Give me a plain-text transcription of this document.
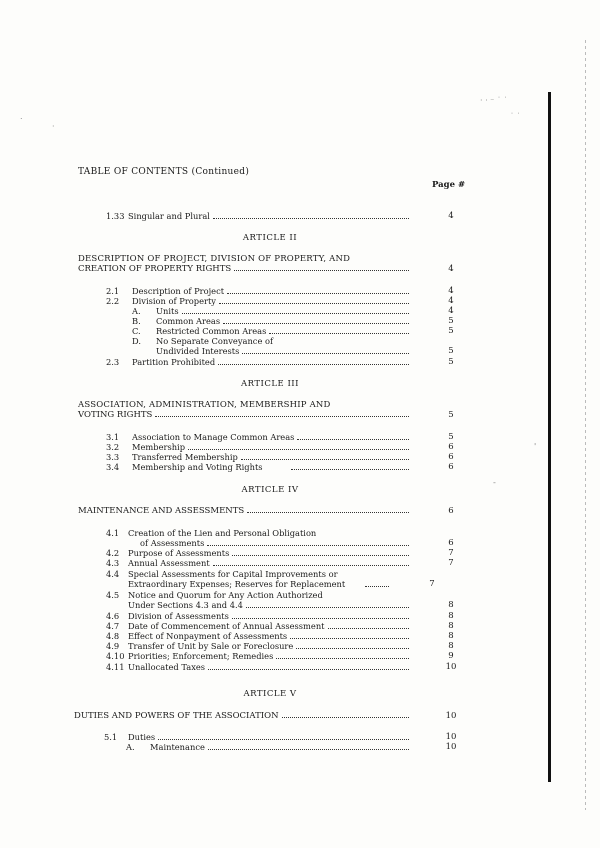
.
·
· · ⁻ ˙ ˙
˙ ˙
'
-
TABLE OF CONTENTS (Continued)
Page #
1.33 Singular and Plural	4
ARTICLE II
DESCRIPTION OF PROJECT, DIVISION OF PROPERTY, AND
CREATION OF PROPERTY RIGHTS	4
2.1	Description of Project	4
2.2	Division of Property	4
A.	Units	4
B.	Common Areas	5
C.	Restricted Common Areas	5
D.	No Separate Conveyance of
Undivided Interests	5
2.3	Partition Prohibited	5
ARTICLE III
ASSOCIATION, ADMINISTRATION, MEMBERSHIP AND
VOTING RIGHTS	5
3.1	Association to Manage Common Areas	5
3.2	Membership	6
3.3	Transferred Membership	6
3.4	Membership and Voting Rights	6
ARTICLE IV
MAINTENANCE AND ASSESSMENTS	6
4.1	Creation of the Lien and Personal Obligation
of Assessments	6
4.2	Purpose of Assessments	7
4.3	Annual Assessment	7
4.4	Special Assessments for Capital Improvements or
Extraordinary Expenses; Reserves for Replacement	7
4.5	Notice and Quorum for Any Action Authorized
Under Sections 4.3 and 4.4	8
4.6	Division of Assessments	8
4.7	Date of Commencement of Annual Assessment	8
4.8	Effect of Nonpayment of Assessments	8
4.9	Transfer of Unit by Sale or Foreclosure	8
4.10 Priorities; Enforcement; Remedies	9
4.11 Unallocated Taxes	10
ARTICLE V
DUTIES AND POWERS OF THE ASSOCIATION	10
5.1	Duties	10
A.	Maintenance	10
